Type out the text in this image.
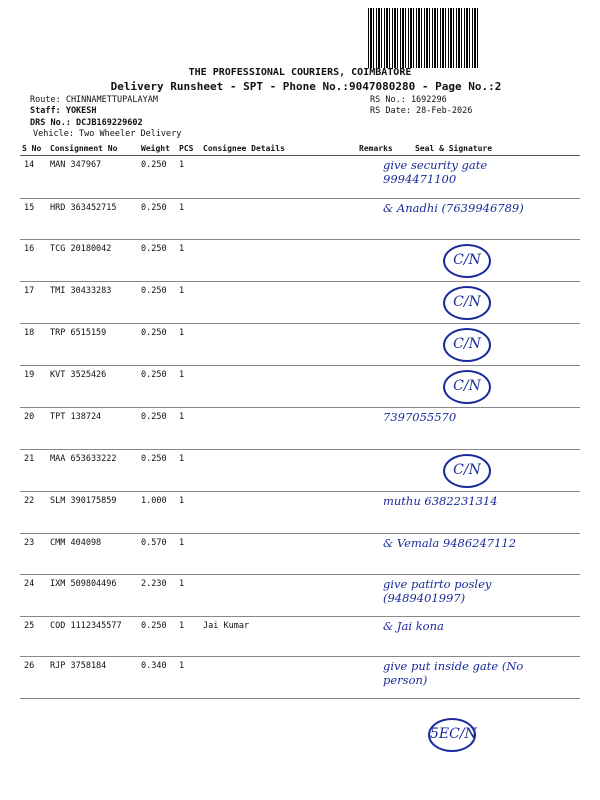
THE PROFESSIONAL COURIERS, COIMBATORE
Delivery Runsheet - SPT - Phone No.:9047080280 - Page No.:2
Route: CHINNAMETTUPALAYAM
Staff: YOKESH
DRS No.: DCJB169229602
Vehicle: Two Wheeler Delivery
RS No.: 1692296
RS Date: 28-Feb-2026
S No	Consignment No	Weight	PCS	Consignee Details	Remarks	Seal & Signature
14	MAN 347967	0.250	1			give security gate 9994471100

15	HRD 363452715	0.250	1			& Anadhi (7639946789)

16	TCG 20180042	0.250	1			C/N

17	TMI 30433283	0.250	1			C/N

18	TRP 6515159	0.250	1			C/N

19	KVT 3525426	0.250	1			C/N

20	TPT 138724	0.250	1			7397055570

21	MAA 653633222	0.250	1			C/N

22	SLM 390175859	1.000	1			muthu 6382231314

23	CMM 404098	0.570	1			& Vemala 9486247112

24	IXM 509804496	2.230	1			give patirto posley (9489401997)

25	COD 1112345577	0.250	1	Jai Kumar		& Jai kona

26	RJP 3758184	0.340	1			give put inside gate (No person)
5EC/N
